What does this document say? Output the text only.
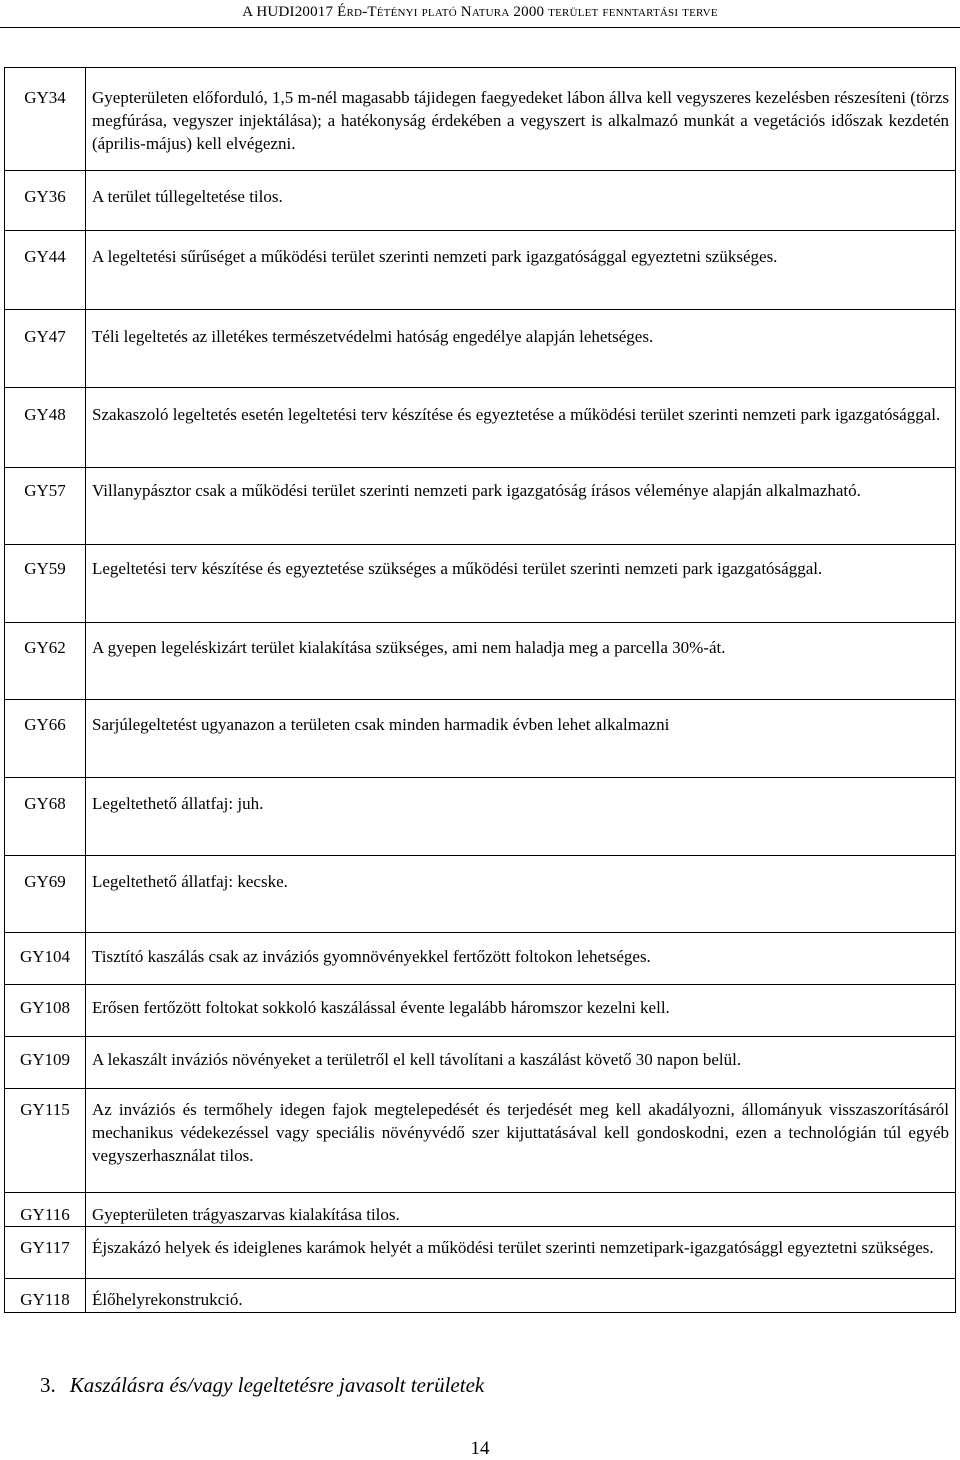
A HUDI20017 Érd-Tétényi plató Natura 2000 terület fenntartási terve
GY34	Gyepterületen előforduló, 1,5 m-nél magasabb tájidegen faegyedeket lábon állva kell vegyszeres kezelésben részesíteni (törzs megfúrása, vegyszer injektálása); a hatékonyság érdekében a vegyszert is alkalmazó munkát a vegetációs időszak kezdetén (április-május) kell elvégezni.

GY36	A terület túllegeltetése tilos.

GY44	A legeltetési sűrűséget a működési terület szerinti nemzeti park igazgatósággal egyeztetni szükséges.

GY47	Téli legeltetés az illetékes természetvédelmi hatóság engedélye alapján lehetséges.

GY48	Szakaszoló legeltetés esetén legeltetési terv készítése és egyeztetése a működési terület szerinti nemzeti park igazgatósággal.

GY57	Villanypásztor csak a működési terület szerinti nemzeti park igazgatóság írásos véleménye alapján alkalmazható.

GY59	Legeltetési terv készítése és egyeztetése szükséges a működési terület szerinti nemzeti park igazgatósággal.

GY62	A gyepen legeléskizárt terület kialakítása szükséges, ami nem haladja meg a parcella 30%-át.

GY66	Sarjúlegeltetést ugyanazon a területen csak minden harmadik évben lehet alkalmazni

GY68	Legeltethető állatfaj: juh.

GY69	Legeltethető állatfaj: kecske.

GY104	Tisztító kaszálás csak az inváziós gyomnövényekkel fertőzött foltokon lehetséges.

GY108	Erősen fertőzött foltokat sokkoló kaszálással évente legalább háromszor kezelni kell.

GY109	A lekaszált inváziós növényeket a területről el kell távolítani a kaszálást követő 30 napon belül.

GY115	Az inváziós és termőhely idegen fajok megtelepedését és terjedését meg kell akadályozni, állományuk visszaszorításáról mechanikus védekezéssel vagy speciális növényvédő szer kijuttatásával kell gondoskodni, ezen a technológián túl egyéb vegyszerhasználat tilos.

GY116	Gyepterületen trágyaszarvas kialakítása tilos.

GY117	Éjszakázó helyek és ideiglenes karámok helyét a működési terület szerinti nemzetipark-igazgatósággl egyeztetni szükséges.

GY118	Élőhelyrekonstrukció.
3. Kaszálásra és/vagy legeltetésre javasolt területek
14
